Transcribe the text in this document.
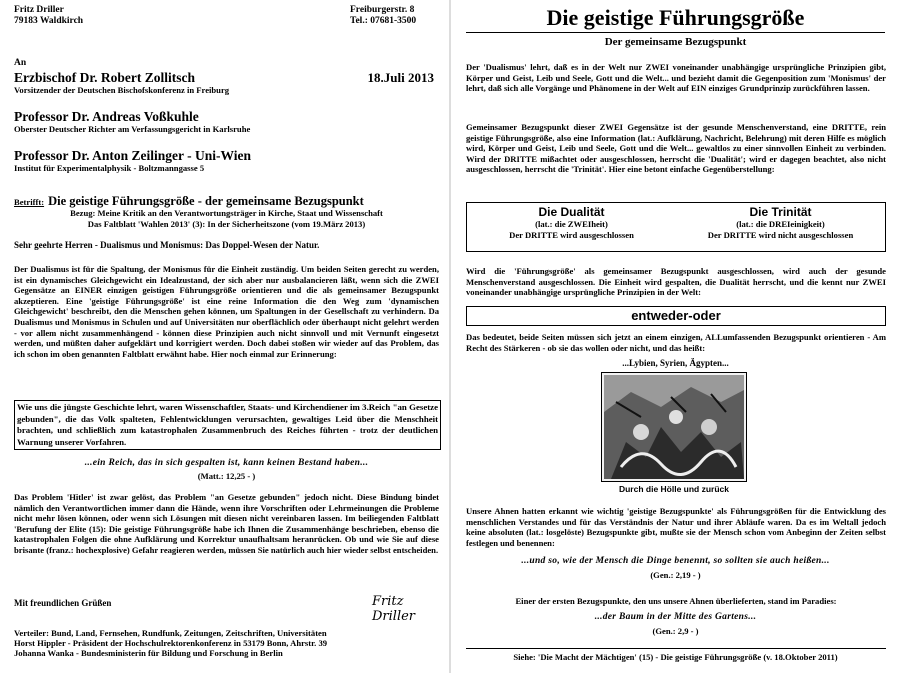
Fritz Driller
79183 Waldkirch
Freiburgerstr. 8
Tel.: 07681-3500
An
Erzbischof Dr. Robert Zollitsch	18.Juli 2013
Vorsitzender der Deutschen Bischofskonferenz in Freiburg
Professor Dr. Andreas Voßkuhle
Oberster Deutscher Richter am Verfassungsgericht in Karlsruhe
Professor Dr. Anton Zeilinger - Uni-Wien
Institut für Experimentalphysik - Boltzmanngasse 5
Betrifft: Die geistige Führungsgröße - der gemeinsame Bezugspunkt
Bezug: Meine Kritik an den Verantwortungsträger in Kirche, Staat und Wissenschaft
Das Faltblatt 'Wahlen 2013' (3): In der Sicherheitszone (vom 19.März 2013)
Sehr geehrte Herren - Dualismus und Monismus: Das Doppel-Wesen der Natur.

Der Dualismus ist für die Spaltung, der Monismus für die Einheit zuständig. Um beiden Seiten gerecht zu werden, ist ein dynamisches Gleichgewicht ein Idealzustand, der sich aber nur ausbalancieren läßt, wenn sich die ZWEI Gegensätze an EINER einzigen geistigen Führungsgröße orientieren und die als gemeinsamer Bezugspunkt akzeptieren. Eine 'geistige Führungsgröße' ist eine reine Information die den Weg zum 'dynamischen Gleichgewicht' beschreibt, den die Menschen gehen können, um Spaltungen in der Gesellschaft zu verhindern. Da Dualismus und Monismus in Schulen und auf Universitäten nur oberflächlich oder überhaupt nicht gelehrt werden - vor allem nicht zusammenhängend - können diese Prinzipien auch nicht sinnvoll und mit Vernunft eingesetzt werden, und müßten daher aufgeklärt und korrigiert werden. Doch dabei stoßen wir wieder auf das Problem, das ich schon im oben genannten Faltblatt erwähnt habe. Hier noch einmal zur Erinnerung:

Wie uns die jüngste Geschichte lehrt, waren Wissenschaftler, Staats- und Kirchendiener im 3.Reich "an Gesetze gebunden", die das Volk spalteten, Fehlentwicklungen verursachten, gewaltiges Leid über die Menschheit brachten, und schließlich zum katastrophalen Zusammenbruch des Reiches führten - trotz der deutlichen Warnung unserer Vorfahren.

...ein Reich, das in sich gespalten ist, kann keinen Bestand haben...
(Matt.: 12,25 - )

Das Problem 'Hitler' ist zwar gelöst, das Problem "an Gesetze gebunden" jedoch nicht. Diese Bindung bindet nämlich den Verantwortlichen immer dann die Hände, wenn ihre Vorschriften oder Lehrmeinungen die Probleme nicht mehr lösen können, oder wenn sich Lösungen mit diesen nicht vereinbaren lassen. Im beiliegenden Faltblatt 'Berufung der Elite (15): Die geistige Führungsgröße habe ich Ihnen die Zusammenhänge beschrieben, ebenso die katastrophalen Folgen die ohne Aufklärung und Korrektur unaufhaltsam heranrücken. Ob und wie Sie auf diese brisante (franz.: hochexplosive) Gefahr reagieren werden, müssen Sie natürlich auch hier wieder selbst entscheiden.

Mit freundlichen Grüßen	Fritz Driller
Verteiler: Bund, Land, Fernsehen, Rundfunk, Zeitungen, Zeitschriften, Universitäten
Horst Hippler - Präsident der Hochschulrektorenkonferenz in 53179 Bonn, Ahrstr. 39
Johanna Wanka - Bundesministerin für Bildung und Forschung in Berlin
Die geistige Führungsgröße
Der gemeinsame Bezugspunkt

Der 'Dualismus' lehrt, daß es in der Welt nur ZWEI voneinander unabhängige ursprüngliche Prinzipien gibt, Körper und Geist, Leib und Seele, Gott und die Welt... und bezieht damit die Gegenposition zum 'Monismus' der lehrt, daß sich alle Vorgänge und Phänomene in der Welt auf EIN einziges Grundprinzip zurückführen lassen.

Gemeinsamer Bezugspunkt dieser ZWEI Gegensätze ist der gesunde Menschenverstand, eine DRITTE, rein geistige Führungsgröße, also eine Information (lat.: Aufklärung, Nachricht, Belehrung) mit deren Hilfe es möglich wird, Körper und Geist, Leib und Seele, Gott und die Welt... gewaltlos zu einer sinnvollen Einheit zu verbinden. Wird der DRITTE mißachtet oder ausgeschlossen, herrscht die 'Dualität'; wird er dagegen beachtet, also nicht ausgeschlossen, herrscht die 'Trinität'. Hier eine betont einfache Gegenüberstellung:

Die Dualität
(lat.: die ZWEIheit)
Der DRITTE wird ausgeschlossen
Die Trinität
(lat.: die DREIeinigkeit)
Der DRITTE wird nicht ausgeschlossen

Wird die 'Führungsgröße' als gemeinsamer Bezugspunkt ausgeschlossen, wird auch der gesunde Menschenverstand ausgeschlossen. Die Einheit wird gespalten, die Dualität herrscht, und die kennt nur ZWEI voneinander unabhängige ursprüngliche Prinzipien in der Welt:

entweder-oder

Das bedeutet, beide Seiten müssen sich jetzt an einem einzigen, ALLumfassenden Bezugspunkt orientieren - Am Recht des Stärkeren - ob sie das wollen oder nicht, und das heißt:

...Lybien, Syrien, Ägypten...
Durch die Hölle und zurück

Unsere Ahnen hatten erkannt wie wichtig 'geistige Bezugspunkte' als Führungsgrößen für die Entwicklung des menschlichen Verstandes und für das Verständnis der Natur und ihrer Abläufe waren. Da es im Weltall jedoch keine absoluten (lat.: losgelöste) Bezugspunkte gibt, mußte sie der Mensch schon vom Anbeginn der Zeiten selbst festlegen und benennen:

...und so, wie der Mensch die Dinge benennt, so sollten sie auch heißen...
(Gen.: 2,19 - )

Einer der ersten Bezugspunkte, den uns unsere Ahnen überlieferten, stand im Paradies:

...der Baum in der Mitte des Gartens...
(Gen.: 2,9 - )
Siehe: 'Die Macht der Mächtigen' (15) - Die geistige Führungsgröße (v. 18.Oktober 2011)
